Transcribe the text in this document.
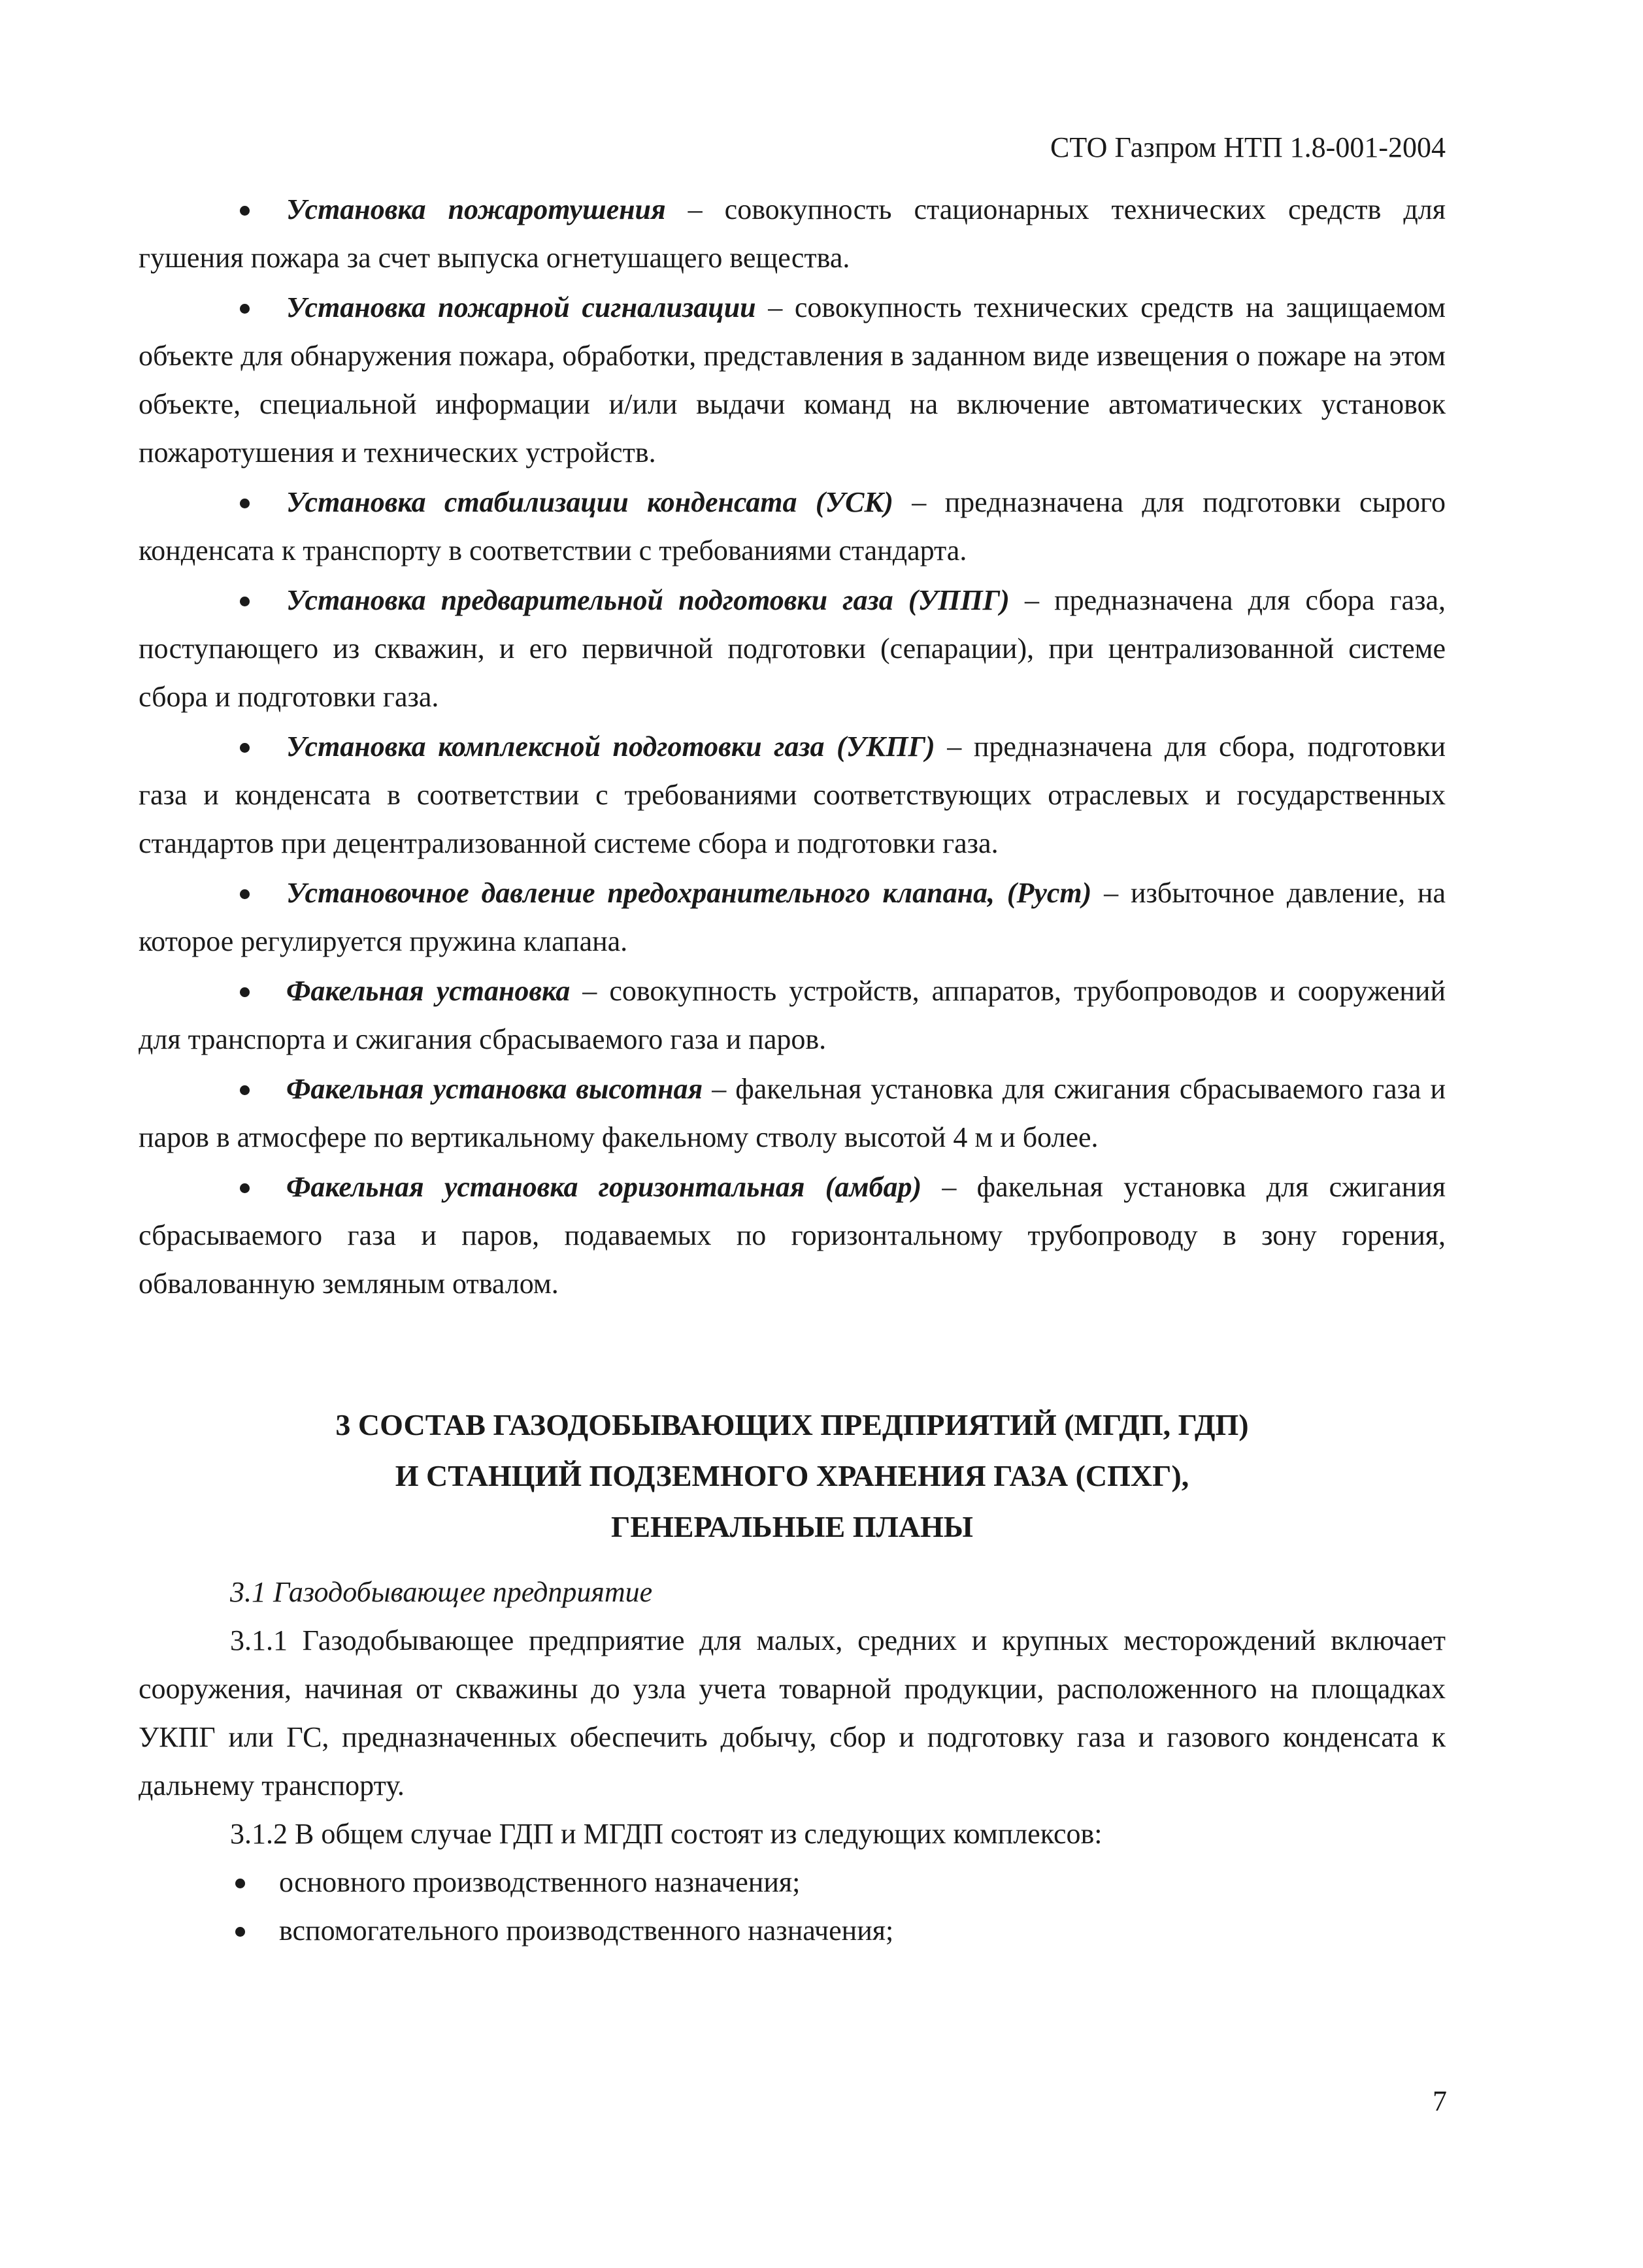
СТО Газпром НТП 1.8-001-2004

Установка пожаротушения – совокупность стационарных технических средств для гушения пожара за счет выпуска огнетушащего вещества.

Установка пожарной сигнализации – совокупность технических средств на защищаемом объекте для обнаружения пожара, обработки, представления в заданном виде извещения о пожаре на этом объекте, специальной информации и/или выдачи команд на включение автоматических установок пожаротушения и технических устройств.

Установка стабилизации конденсата (УСК) – предназначена для подготовки сырого конденсата к транспорту в соответствии с требованиями стандарта.

Установка предварительной подготовки газа (УППГ) – предназначена для сбора газа, поступающего из скважин, и его первичной подготовки (сепарации), при централизованной системе сбора и подготовки газа.

Установка комплексной подготовки газа (УКПГ) – предназначена для сбора, подготовки газа и конденсата в соответствии с требованиями соответствующих отраслевых и государственных стандартов при децентрализованной системе сбора и подготовки газа.

Установочное давление предохранительного клапана, (Руст) – избыточное давление, на которое регулируется пружина клапана.

Факельная установка – совокупность устройств, аппаратов, трубопроводов и сооружений для транспорта и сжигания сбрасываемого газа и паров.

Факельная установка высотная – факельная установка для сжигания сбрасываемого газа и паров в атмосфере по вертикальному факельному стволу высотой 4 м и более.

Факельная установка горизонтальная (амбар) – факельная установка для сжигания сбрасываемого газа и паров, подаваемых по горизонтальному трубопроводу в зону горения, обвалованную земляным отвалом.

3 СОСТАВ ГАЗОДОБЫВАЮЩИХ ПРЕДПРИЯТИЙ (МГДП, ГДП)
И СТАНЦИЙ ПОДЗЕМНОГО ХРАНЕНИЯ ГАЗА (СПХГ),
ГЕНЕРАЛЬНЫЕ ПЛАНЫ

3.1 Газодобывающее предприятие

3.1.1 Газодобывающее предприятие для малых, средних и крупных месторождений включает сооружения, начиная от скважины до узла учета товарной продукции, расположенного на площадках УКПГ или ГС, предназначенных обеспечить добычу, сбор и подготовку газа и газового конденсата к дальнему транспорту.

3.1.2 В общем случае ГДП и МГДП состоят из следующих комплексов:

основного производственного назначения;

вспомогательного производственного назначения;

7
